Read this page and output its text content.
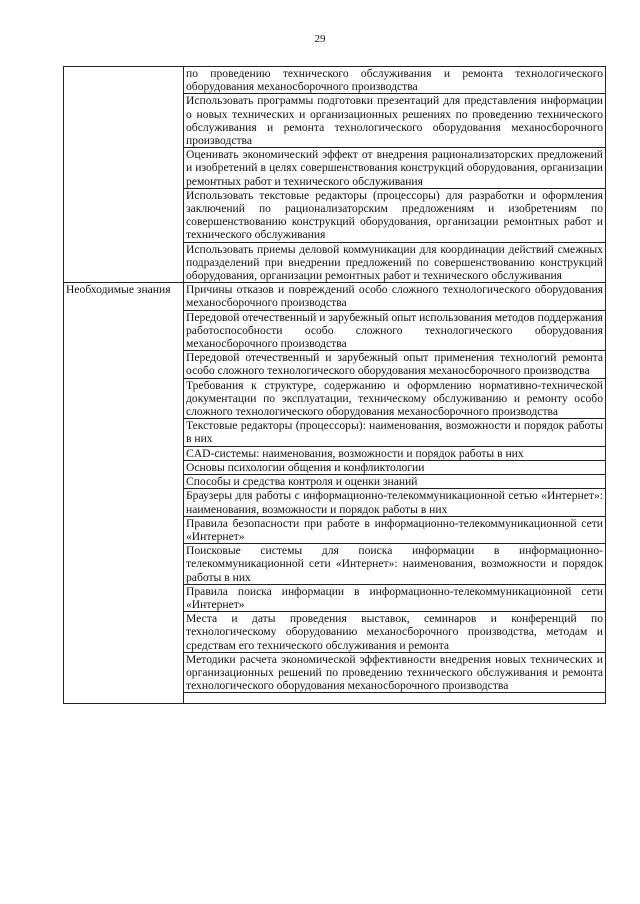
29
	по проведению технического обслуживания и ремонта технологического оборудования механосборочного производства
	Использовать программы подготовки презентаций для представления информации о новых технических и организационных решениях по проведению технического обслуживания и ремонта технологического оборудования механосборочного производства
	Оценивать экономический эффект от внедрения рационализаторских предложений и изобретений в целях совершенствования конструкций оборудования, организации ремонтных работ и технического обслуживания
	Использовать текстовые редакторы (процессоры) для разработки и оформления заключений по рационализаторским предложениям и изобретениям по совершенствованию конструкций оборудования, организации ремонтных работ и технического обслуживания
	Использовать приемы деловой коммуникации для координации действий смежных подразделений при внедрении предложений по совершенствованию конструкций оборудования, организации ремонтных работ и технического обслуживания
Необходимые знания	Причины отказов и повреждений особо сложного технологического оборудования механосборочного производства
	Передовой отечественный и зарубежный опыт использования методов поддержания работоспособности особо сложного технологического оборудования механосборочного производства
	Передовой отечественный и зарубежный опыт применения технологий ремонта особо сложного технологического оборудования механосборочного производства
	Требования к структуре, содержанию и оформлению нормативно-технической документации по эксплуатации, техническому обслуживанию и ремонту особо сложного технологического оборудования механосборочного производства
	Текстовые редакторы (процессоры): наименования, возможности и порядок работы в них
	CAD-системы: наименования, возможности и порядок работы в них
	Основы психологии общения и конфликтологии
	Способы и средства контроля и оценки знаний
	Браузеры для работы с информационно-телекоммуникационной сетью «Интернет»: наименования, возможности и порядок работы в них
	Правила безопасности при работе в информационно-телекоммуникационной сети «Интернет»
	Поисковые системы для поиска информации в информационно-телекоммуникационной сети «Интернет»: наименования, возможности и порядок работы в них
	Правила поиска информации в информационно-телекоммуникационной сети «Интернет»
	Места и даты проведения выставок, семинаров и конференций по технологическому оборудованию механосборочного производства, методам и средствам его технического обслуживания и ремонта
	Методики расчета экономической эффективности внедрения новых технических и организационных решений по проведению технического обслуживания и ремонта технологического оборудования механосборочного производства
